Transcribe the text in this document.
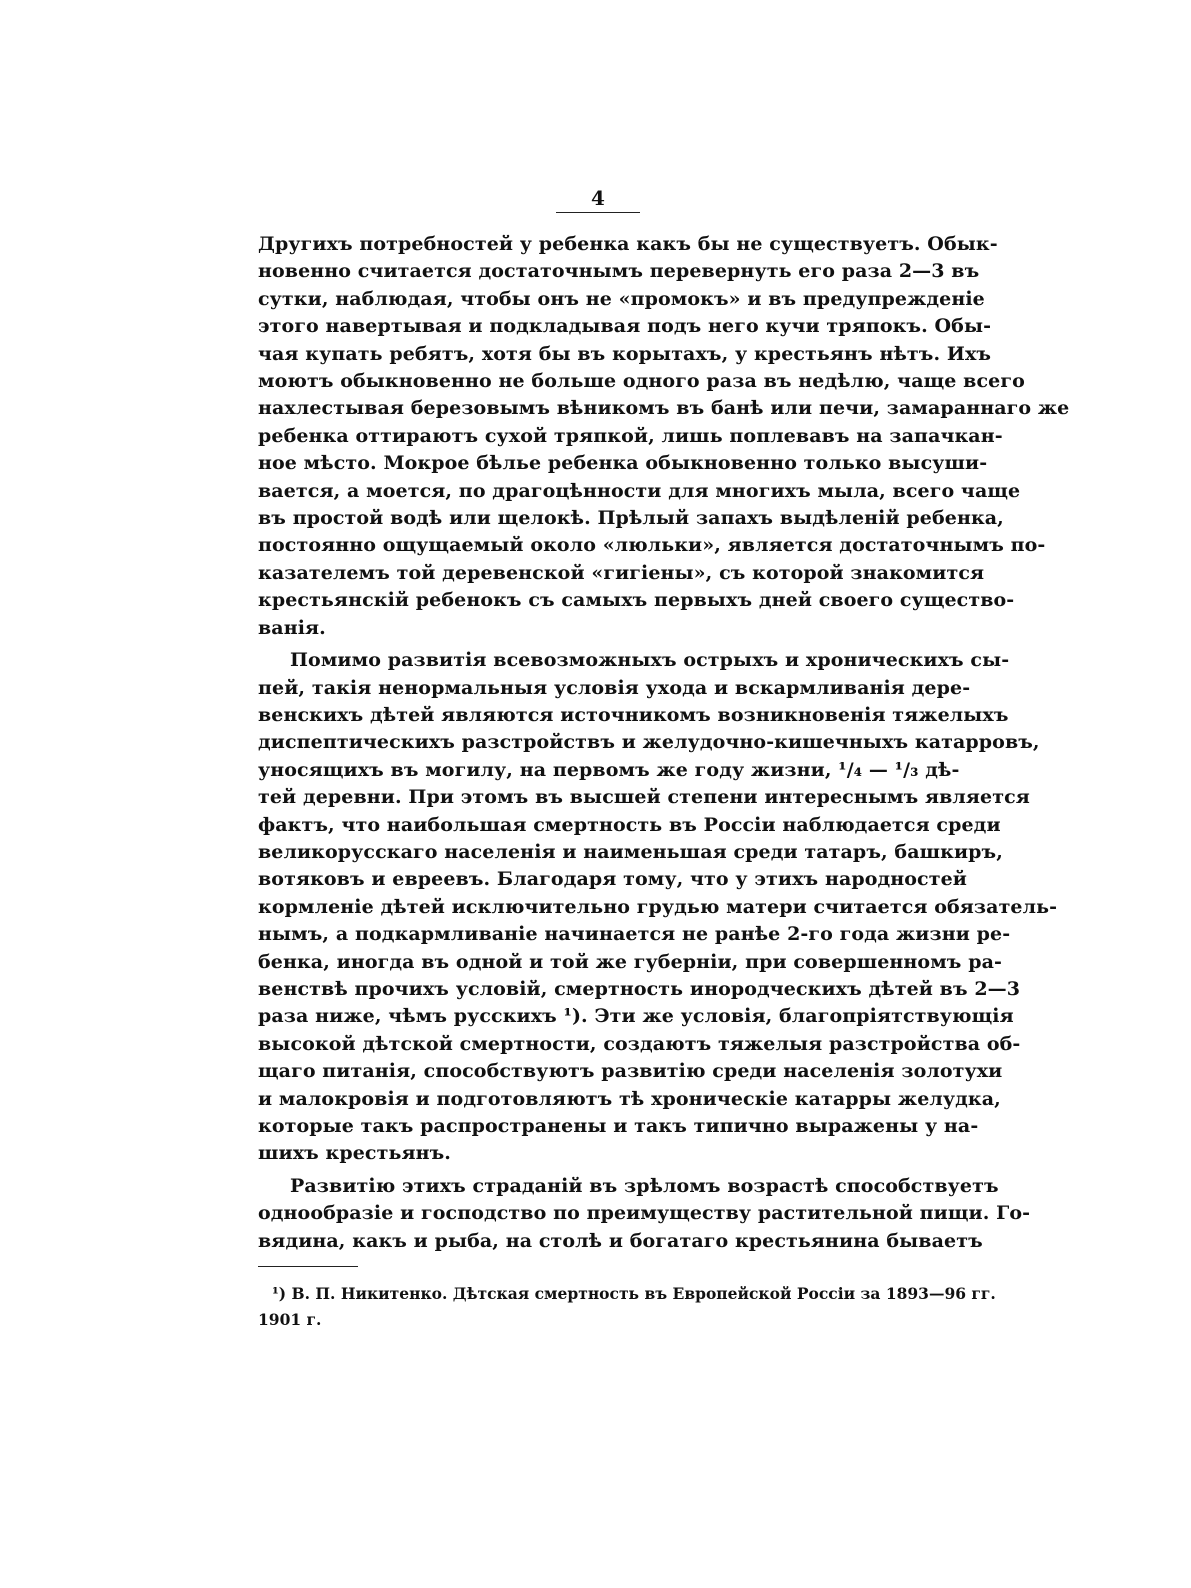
4
Другихъ потребностей у ребенка какъ бы не существуетъ. Обык-
новенно считается достаточнымъ перевернуть его раза 2—3 въ
сутки, наблюдая, чтобы онъ не «промокъ» и въ предупрежденіе
этого навертывая и подкладывая подъ него кучи тряпокъ. Обы-
чая купать ребятъ, хотя бы въ корытахъ, у крестьянъ нѣтъ. Ихъ
моютъ обыкновенно не больше одного раза въ недѣлю, чаще всего
нахлестывая березовымъ вѣникомъ въ банѣ или печи, замараннаго же
ребенка оттираютъ сухой тряпкой, лишь поплевавъ на запачкан-
ное мѣсто. Мокрое бѣлье ребенка обыкновенно только высуши-
вается, а моется, по драгоцѣнности для многихъ мыла, всего чаще
въ простой водѣ или щелокѣ. Прѣлый запахъ выдѣленій ребенка,
постоянно ощущаемый около «люльки», является достаточнымъ по-
казателемъ той деревенской «гигіены», съ которой знакомится
крестьянскій ребенокъ съ самыхъ первыхъ дней своего существо-
ванія.
Помимо развитія всевозможныхъ острыхъ и хроническихъ сы-
пей, такія ненормальныя условія ухода и вскармливанія дере-
венскихъ дѣтей являются источникомъ возникновенія тяжелыхъ
диспептическихъ разстройствъ и желудочно-кишечныхъ катарровъ,
уносящихъ въ могилу, на первомъ же году жизни, ¹/₄ — ¹/₃ дѣ-
тей деревни. При этомъ въ высшей степени интереснымъ является
фактъ, что наибольшая смертность въ Россіи наблюдается среди
великорусскаго населенія и наименьшая среди татаръ, башкиръ,
вотяковъ и евреевъ. Благодаря тому, что у этихъ народностей
кормленіе дѣтей исключительно грудью матери считается обязатель-
нымъ, а подкармливаніе начинается не ранѣе 2-го года жизни ре-
бенка, иногда въ одной и той же губерніи, при совершенномъ ра-
венствѣ прочихъ условій, смертность инородческихъ дѣтей въ 2—3
раза ниже, чѣмъ русскихъ ¹). Эти же условія, благопріятствующія
высокой дѣтской смертности, создаютъ тяжелыя разстройства об-
щаго питанія, способствуютъ развитію среди населенія золотухи
и малокровія и подготовляютъ тѣ хроническіе катарры желудка,
которые такъ распространены и такъ типично выражены у на-
шихъ крестьянъ.
Развитію этихъ страданій въ зрѣломъ возрастѣ способствуетъ
однообразіе и господство по преимуществу растительной пищи. Го-
вядина, какъ и рыба, на столѣ и богатаго крестьянина бываетъ
¹) В. П. Никитенко. Дѣтская смертность въ Европейской Россіи за 1893—96 гг.
1901 г.
